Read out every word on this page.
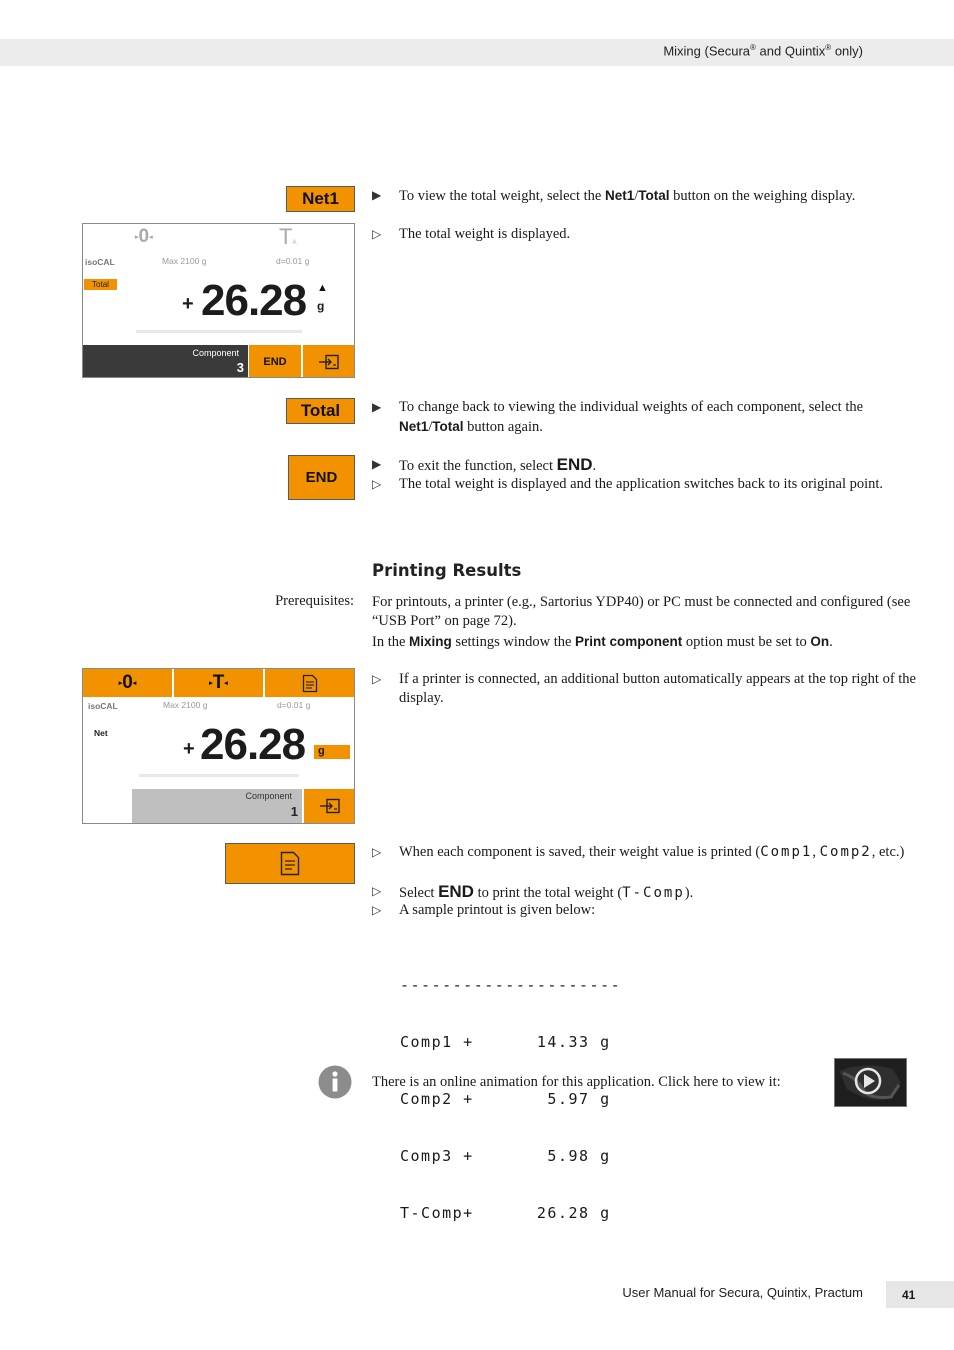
Mixing (Secura® and Quintix® only)
Net1	▶	To view the total weight, select the Net1/Total button on the weighing display.
▷	The total weight is displayed.
▸0◂	TA
isoCAL	Max 2100 g	d=0.01 g
Total
+ 26.28 ▲
g
Component
3	END
Total	▶	To change back to viewing the individual weights of each component, select the Net1/Total button again.
END
▶	To exit the function, select END.
▷	The total weight is displayed and the application switches back to its original point.
Printing Results
Prerequisites: For printouts, a printer (e.g., Sartorius YDP40) or PC must be connected and configured (see “USB Port” on page 72).
In the Mixing settings window the Print component option must be set to On.
▸ 0 ◂	▸ T ◂
isoCAL	Max 2100 g	d=0.01 g
Net
+ 26.28	g
Component
1
▷	If a printer is connected, an additional button automatically appears at the top right of the display.
▷	When each component is saved, their weight value is printed (Comp1, Comp2, etc.)
▷	Select END to print the total weight (T-Comp).
▷	A sample printout is given below:

---------------------

Comp1 +      14.33 g

Comp2 +       5.97 g

Comp3 +       5.98 g

T-Comp+      26.28 g

There is an online animation for this application. Click here to view it:
User Manual for Secura, Quintix, Practum	41
